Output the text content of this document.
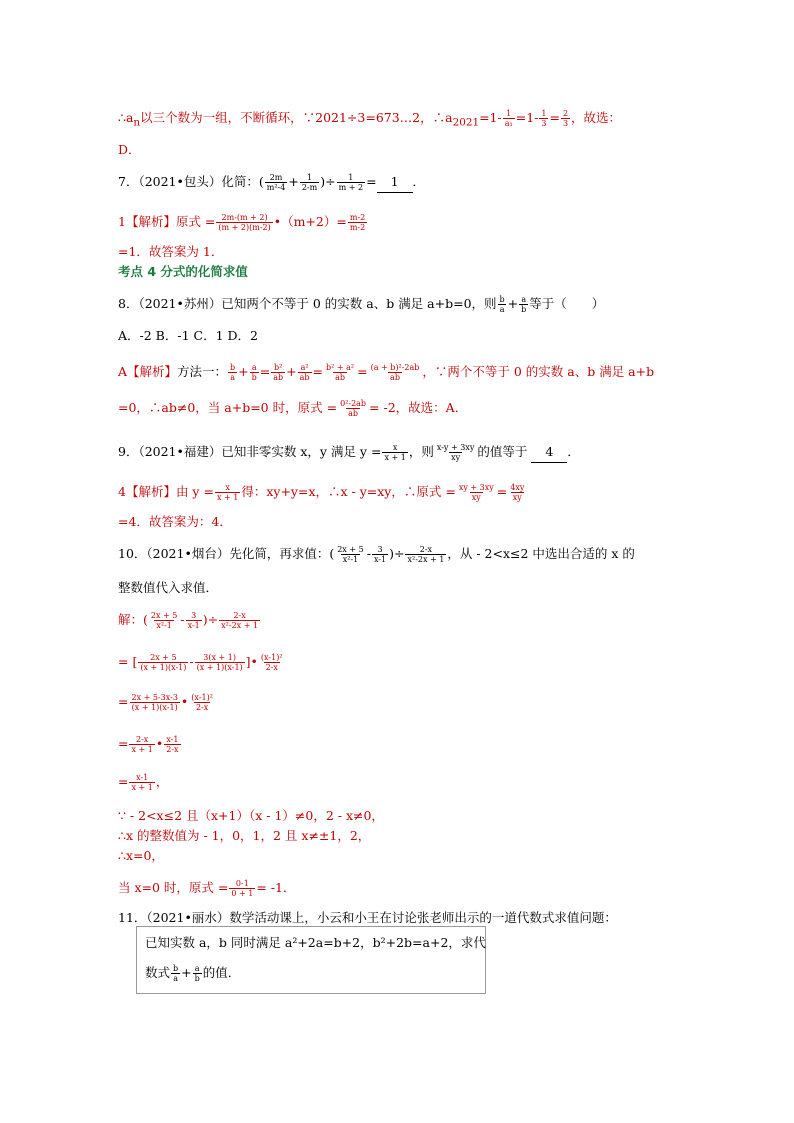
$\therefore a_n$以三个数为一组，不断循环，∵2021÷3=673…2，$\therefore a_{2021}=1- \frac{1}{\text{a₁}} =1- \frac{1}{3} = \frac{2}{3}$ ，故选：
D．
7．（2021•包头）化简：( $\frac{2m}{\text{m²-4}} + \frac{1}{2-m}$ )÷ $\frac{1}{m + 2} = 1$ ．
1【解析】原式 = $\frac{2m-(m + 2)}{(m + 2)(m-2)}$ •（m+2）= $\frac{m-2}{m-2}$
=1．故答案为 1．
考点 4 分式的化简求值
8．（2021•苏州）已知两个不等于 0 的实数 a、b 满足 a+b=0，则 $\frac{b}{a} + \frac{a}{b}$ 等于（　　）
A．-2 B．-1 C．1 D．2
A【解析】方法一： $\frac{b}{a} + \frac{a}{b} = \frac{\text{b²}}{ab} + \frac{\text{a²}}{ab} = \frac{\text{b² + a²}}{ab} = \frac{\text{(a + b)²-2ab}}{ab}$ ，∵两个不等于 0 的实数 a、b 满足 a+b
=0，∴ab≠0，当 a+b=0 时，原式 = $\frac{\text{0²-2ab}}{ab} = -2$，故选：A．
9．（2021•福建）已知非零实数 x，y 满足 $y = \frac{x}{x + 1}$ ，则 $\frac{x-y + 3xy}{xy}$ 的值等于 4 ．
4【解析】由 $y = \frac{x}{x + 1}$ 得：xy+y=x，∴x - y=xy，∴原式 = $\frac{xy + 3xy}{xy} = \frac{4xy}{xy}$
=4．故答案为：4．
10．（2021•烟台）先化简，再求值：( $\frac{2x + 5}{\text{x²-1}} - \frac{3}{x-1}$ )÷ $\frac{2-x}{\text{x²-2x + 1}}$ ，从 - 2<x≤2 中选出合适的 x 的
整数值代入求值．
解：( $\frac{2x + 5}{\text{x²-1}} - \frac{3}{x-1}$ )÷ $\frac{2-x}{\text{x²-2x + 1}}$
= [ $\frac{2x + 5}{(x + 1)(x-1)} - \frac{3(x + 1)}{(x + 1)(x-1)}$ ]• $\frac{\text{(x-1)²}}{2-x}$
= $\frac{2x + 5-3x-3}{(x + 1)(x-1)}$ • $\frac{\text{(x-1)²}}{2-x}$
= $\frac{2-x}{x + 1}$ • $\frac{x-1}{2-x}$
= $\frac{x-1}{x + 1}$ ，
∵ - 2<x≤2 且（x+1）（x - 1）≠0，2 - x≠0，
∴x 的整数值为 - 1，0，1，2 且 x≠±1，2，
∴x=0，
当 x=0 时，原式 = $\frac{0-1}{0 + 1} = -1$．
11．（2021•丽水）数学活动课上，小云和小王在讨论张老师出示的一道代数式求值问题：
已知实数 a，b 同时满足 a²+2a=b+2，b²+2b=a+2，求代
数式 $\frac{b}{a} + \frac{a}{b}$ 的值．
